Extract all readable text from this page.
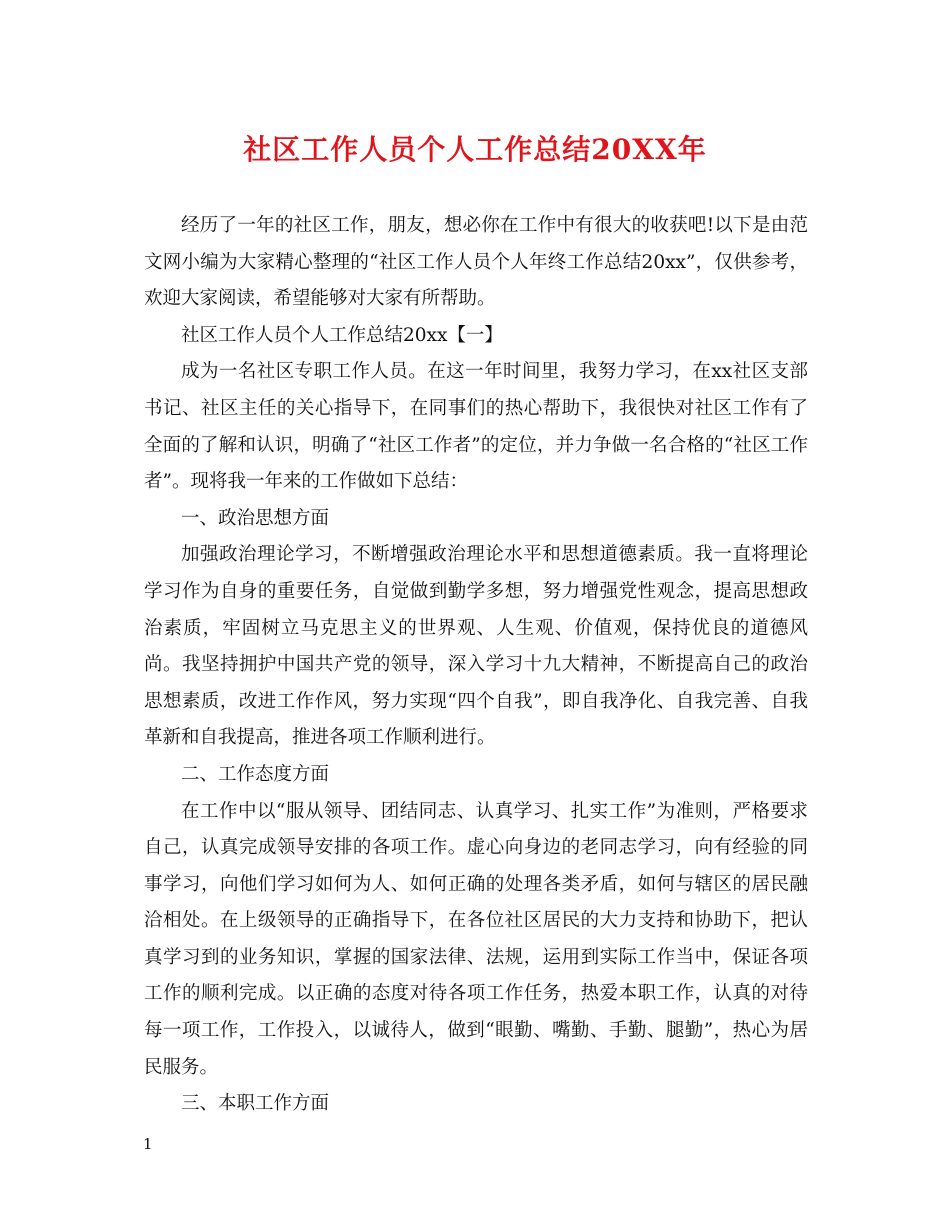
社区工作人员个人工作总结20XX年

经历了一年的社区工作，朋友，想必你在工作中有很大的收获吧!以下是由范文网小编为大家精心整理的“社区工作人员个人年终工作总结20xx”，仅供参考，欢迎大家阅读，希望能够对大家有所帮助。

社区工作人员个人工作总结20xx【一】

成为一名社区专职工作人员。在这一年时间里，我努力学习，在xx社区支部书记、社区主任的关心指导下，在同事们的热心帮助下，我很快对社区工作有了全面的了解和认识，明确了“社区工作者”的定位，并力争做一名合格的“社区工作者”。现将我一年来的工作做如下总结：

一、政治思想方面

加强政治理论学习，不断增强政治理论水平和思想道德素质。我一直将理论学习作为自身的重要任务，自觉做到勤学多想，努力增强党性观念，提高思想政治素质，牢固树立马克思主义的世界观、人生观、价值观，保持优良的道德风尚。我坚持拥护中国共产党的领导，深入学习十九大精神，不断提高自己的政治思想素质，改进工作作风，努力实现“四个自我”，即自我净化、自我完善、自我革新和自我提高，推进各项工作顺利进行。

二、工作态度方面

在工作中以“服从领导、团结同志、认真学习、扎实工作”为准则，严格要求自己，认真完成领导安排的各项工作。虚心向身边的老同志学习，向有经验的同事学习，向他们学习如何为人、如何正确的处理各类矛盾，如何与辖区的居民融洽相处。在上级领导的正确指导下，在各位社区居民的大力支持和协助下，把认真学习到的业务知识，掌握的国家法律、法规，运用到实际工作当中，保证各项工作的顺利完成。以正确的态度对待各项工作任务，热爱本职工作，认真的对待每一项工作，工作投入，以诚待人，做到“眼勤、嘴勤、手勤、腿勤”，热心为居民服务。

三、本职工作方面

1
